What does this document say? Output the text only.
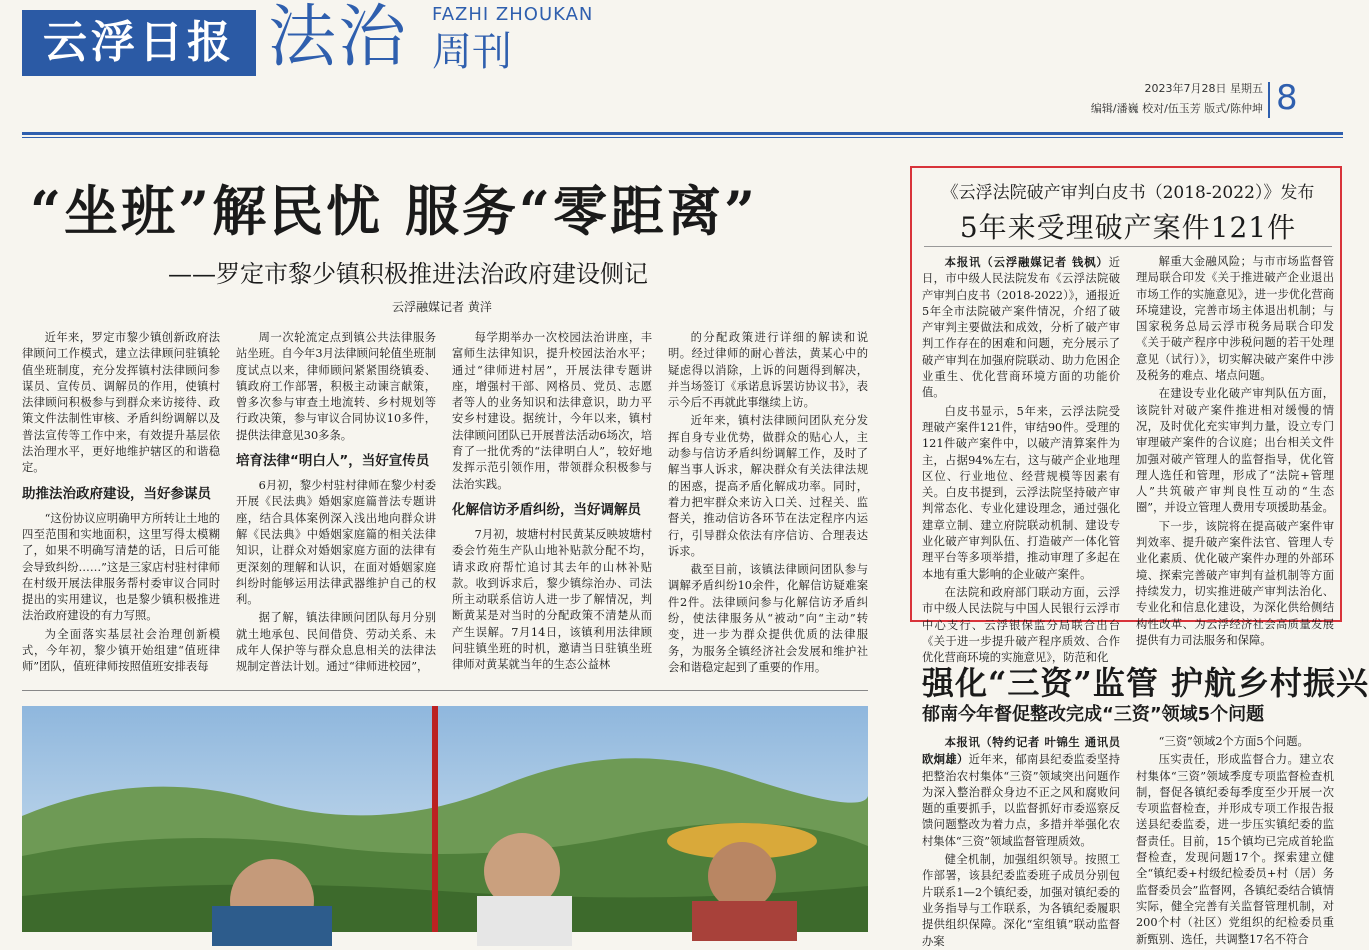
云浮日报 法治 FAZHI ZHOUKAN
周刊
2023年7月28日 星期五
编辑/潘巍 校对/伍玉芳 版式/陈仲坤 8
“坐班”解民忧 服务“零距离”
——罗定市黎少镇积极推进法治政府建设侧记
云浮融媒记者 黄洋

近年来，罗定市黎少镇创新政府法律顾问工作模式，建立法律顾问驻镇轮值坐班制度，充分发挥镇村法律顾问参谋员、宣传员、调解员的作用，使镇村法律顾问积极参与到群众来访接待、政策文件法制性审核、矛盾纠纷调解以及普法宣传等工作中来，有效提升基层依法治理水平，更好地维护辖区的和谐稳定。

助推法治政府建设，当好参谋员

“这份协议应明确甲方所转让土地的四至范围和实地面积，这里写得太模糊了，如果不明确写清楚的话，日后可能会导致纠纷……”这是三家店村驻村律师在村级开展法律服务帮村委审议合同时提出的实用建议，也是黎少镇积极推进法治政府建设的有力写照。

为全面落实基层社会治理创新模式，今年初，黎少镇开始组建“值班律师”团队，值班律师按照值班安排表每

周一次轮流定点到镇公共法律服务站坐班。自今年3月法律顾问轮值坐班制度试点以来，律师顾问紧紧围绕镇委、镇政府工作部署，积极主动谏言献策，曾多次参与审查土地流转、乡村规划等行政决策，参与审议合同协议10多件，提供法律意见30多条。

培育法律“明白人”，当好宣传员

6月初，黎少村驻村律师在黎少村委开展《民法典》婚姻家庭篇普法专题讲座，结合具体案例深入浅出地向群众讲解《民法典》中婚姻家庭篇的相关法律知识，让群众对婚姻家庭方面的法律有更深刻的理解和认识，在面对婚姻家庭纠纷时能够运用法律武器维护自己的权利。

据了解，镇法律顾问团队每月分别就土地承包、民间借贷、劳动关系、未成年人保护等与群众息息相关的法律法规制定普法计划。通过“律师进校园”，

每学期举办一次校园法治讲座，丰富师生法律知识，提升校园法治水平；通过“律师进村居”，开展法律专题讲座，增强村干部、网格员、党员、志愿者等人的业务知识和法律意识，助力平安乡村建设。据统计，今年以来，镇村法律顾问团队已开展普法活动6场次，培育了一批优秀的“法律明白人”，较好地发挥示范引领作用，带领群众积极参与法治实践。

化解信访矛盾纠纷，当好调解员

7月初，坡塘村村民黄某反映坡塘村委会竹苑生产队山地补贴款分配不均，请求政府帮忙追讨其去年的山林补贴款。收到诉求后，黎少镇综治办、司法所主动联系信访人进一步了解情况，判断黄某是对当时的分配政策不清楚从而产生误解。7月14日，该镇利用法律顾问驻镇坐班的时机，邀请当日驻镇坐班律师对黄某就当年的生态公益林

的分配政策进行详细的解读和说明。经过律师的耐心普法，黄某心中的疑虑得以消除，上诉的问题得到解决，并当场签订《承诺息诉罢访协议书》，表示今后不再就此事继续上访。

近年来，镇村法律顾问团队充分发挥自身专业优势，做群众的贴心人，主动参与信访矛盾纠纷调解工作，及时了解当事人诉求，解决群众有关法律法规的困惑，提高矛盾化解成功率。同时，着力把牢群众来访入口关、过程关、监督关，推动信访各环节在法定程序内运行，引导群众依法有序信访、合理表达诉求。

截至目前，该镇法律顾问团队参与调解矛盾纠纷10余件，化解信访疑难案件2件。法律顾问参与化解信访矛盾纠纷，使法律服务从“被动”向“主动”转变，进一步为群众提供优质的法律服务，为服务全镇经济社会发展和维护社会和谐稳定起到了重要的作用。

《云浮法院破产审判白皮书（2018-2022）》发布
5年来受理破产案件121件

本报讯（云浮融媒记者 钱枫）近日，市中级人民法院发布《云浮法院破产审判白皮书（2018-2022）》，通报近5年全市法院破产案件情况，介绍了破产审判主要做法和成效，分析了破产审判工作存在的困难和问题，充分展示了破产审判在加强府院联动、助力危困企业重生、优化营商环境方面的功能价值。

白皮书显示，5年来，云浮法院受理破产案件121件，审结90件。受理的121件破产案件中，以破产清算案件为主，占据94%左右，这与破产企业地理区位、行业地位、经营规模等因素有关。白皮书提到，云浮法院坚持破产审判常态化、专业化建设理念，通过强化建章立制、建立府院联动机制、建设专业化破产审判队伍、打造破产一体化管理平台等多项举措，推动审理了多起在本地有重大影响的企业破产案件。

在法院和政府部门联动方面，云浮市中级人民法院与中国人民银行云浮市中心支行、云浮银保监分局联合出台《关于进一步提升破产程序质效、合作优化营商环境的实施意见》，防范和化

解重大金融风险；与市市场监督管理局联合印发《关于推进破产企业退出市场工作的实施意见》，进一步优化营商环境建设，完善市场主体退出机制；与国家税务总局云浮市税务局联合印发《关于破产程序中涉税问题的若干处理意见（试行）》，切实解决破产案件中涉及税务的难点、堵点问题。

在建设专业化破产审判队伍方面，该院针对破产案件推进相对缓慢的情况，及时优化充实审判力量，设立专门审理破产案件的合议庭；出台相关文件加强对破产管理人的监督指导，优化管理人选任和管理，形成了“法院+管理人”共筑破产审判良性互动的“生态圈”，并设立管理人费用专项援助基金。

下一步，该院将在提高破产案件审判效率、提升破产案件法官、管理人专业化素质、优化破产案件办理的外部环境、探索完善破产审判有益机制等方面持续发力，切实推进破产审判法治化、专业化和信息化建设，为深化供给侧结构性改革、为云浮经济社会高质量发展提供有力司法服务和保障。

强化“三资”监管 护航乡村振兴
郁南今年督促整改完成“三资”领域5个问题

本报讯（特约记者 叶锦生 通讯员 欧炯雄）近年来，郁南县纪委监委坚持把整治农村集体“三资”领域突出问题作为深入整治群众身边不正之风和腐败问题的重要抓手，以监督抓好市委巡察反馈问题整改为着力点，多措并举强化农村集体“三资”领域监督管理质效。

健全机制，加强组织领导。按照工作部署，该县纪委监委班子成员分别包片联系1—2个镇纪委，加强对镇纪委的业务指导与工作联系，为各镇纪委履职提供组织保障。深化“室组镇”联动监督办案

“三资”领域2个方面5个问题。

压实责任，形成监督合力。建立农村集体“三资”领域季度专项监督检查机制，督促各镇纪委每季度至少开展一次专项监督检查，并形成专项工作报告报送县纪委监委，进一步压实镇纪委的监督责任。目前，15个镇均已完成首轮监督检查，发现问题17个。探索建立健全“镇纪委+村级纪检委员+村（居）务监督委员会”监督网，各镇纪委结合镇情实际，健全完善有关监督管理机制，对200个村（社区）党组织的纪检委员重新甄别、选任，共调整17名不符合
